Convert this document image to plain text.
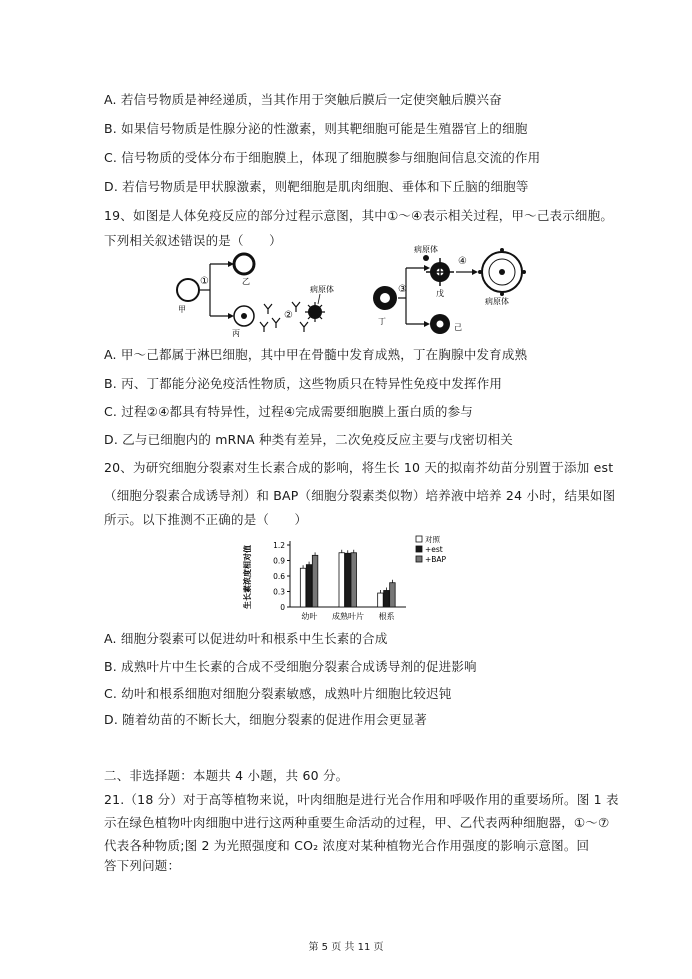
A. 若信号物质是神经递质，当其作用于突触后膜后一定使突触后膜兴奋
B. 如果信号物质是性腺分泌的性激素，则其靶细胞可能是生殖器官上的细胞
C. 信号物质的受体分布于细胞膜上，体现了细胞膜参与细胞间信息交流的作用
D. 若信号物质是甲状腺激素，则靶细胞是肌肉细胞、垂体和下丘脑的细胞等
19、如图是人体免疫反应的部分过程示意图，其中①～④表示相关过程，甲～己表示细胞。
下列相关叙述错误的是（　　）
甲
①	乙
丙
②
病原体
丁
③	戊
病原体
己
④
病原体
A. 甲～己都属于淋巴细胞，其中甲在骨髓中发育成熟，丁在胸腺中发育成熟
B. 丙、丁都能分泌免疫活性物质，这些物质只在特异性免疫中发挥作用
C. 过程②④都具有特异性，过程④完成需要细胞膜上蛋白质的参与
D. 乙与已细胞内的 mRNA 种类有差异，二次免疫反应主要与戊密切相关
20、为研究细胞分裂素对生长素合成的影响，将生长 10 天的拟南芥幼苗分别置于添加 est
（细胞分裂素合成诱导剂）和 BAP（细胞分裂素类似物）培养液中培养 24 小时，结果如图
所示。以下推测不正确的是（　　）
生长素浓度相对值	0
0.3
0.6
0.9
1.2
幼叶 成熟叶片 根系
对照
+est
+BAP
A. 细胞分裂素可以促进幼叶和根系中生长素的合成
B. 成熟叶片中生长素的合成不受细胞分裂素合成诱导剂的促进影响
C. 幼叶和根系细胞对细胞分裂素敏感，成熟叶片细胞比较迟钝
D. 随着幼苗的不断长大，细胞分裂素的促进作用会更显著
二、非选择题：本题共 4 小题，共 60 分。
21.（18 分）对于高等植物来说，叶肉细胞是进行光合作用和呼吸作用的重要场所。图 1 表
示在绿色植物叶肉细胞中进行这两种重要生命活动的过程，甲、乙代表两种细胞器，①～⑦
代表各种物质;图 2 为光照强度和 CO₂ 浓度对某种植物光合作用强度的影响示意图。回
答下列问题：
第 5 页 共 11 页
